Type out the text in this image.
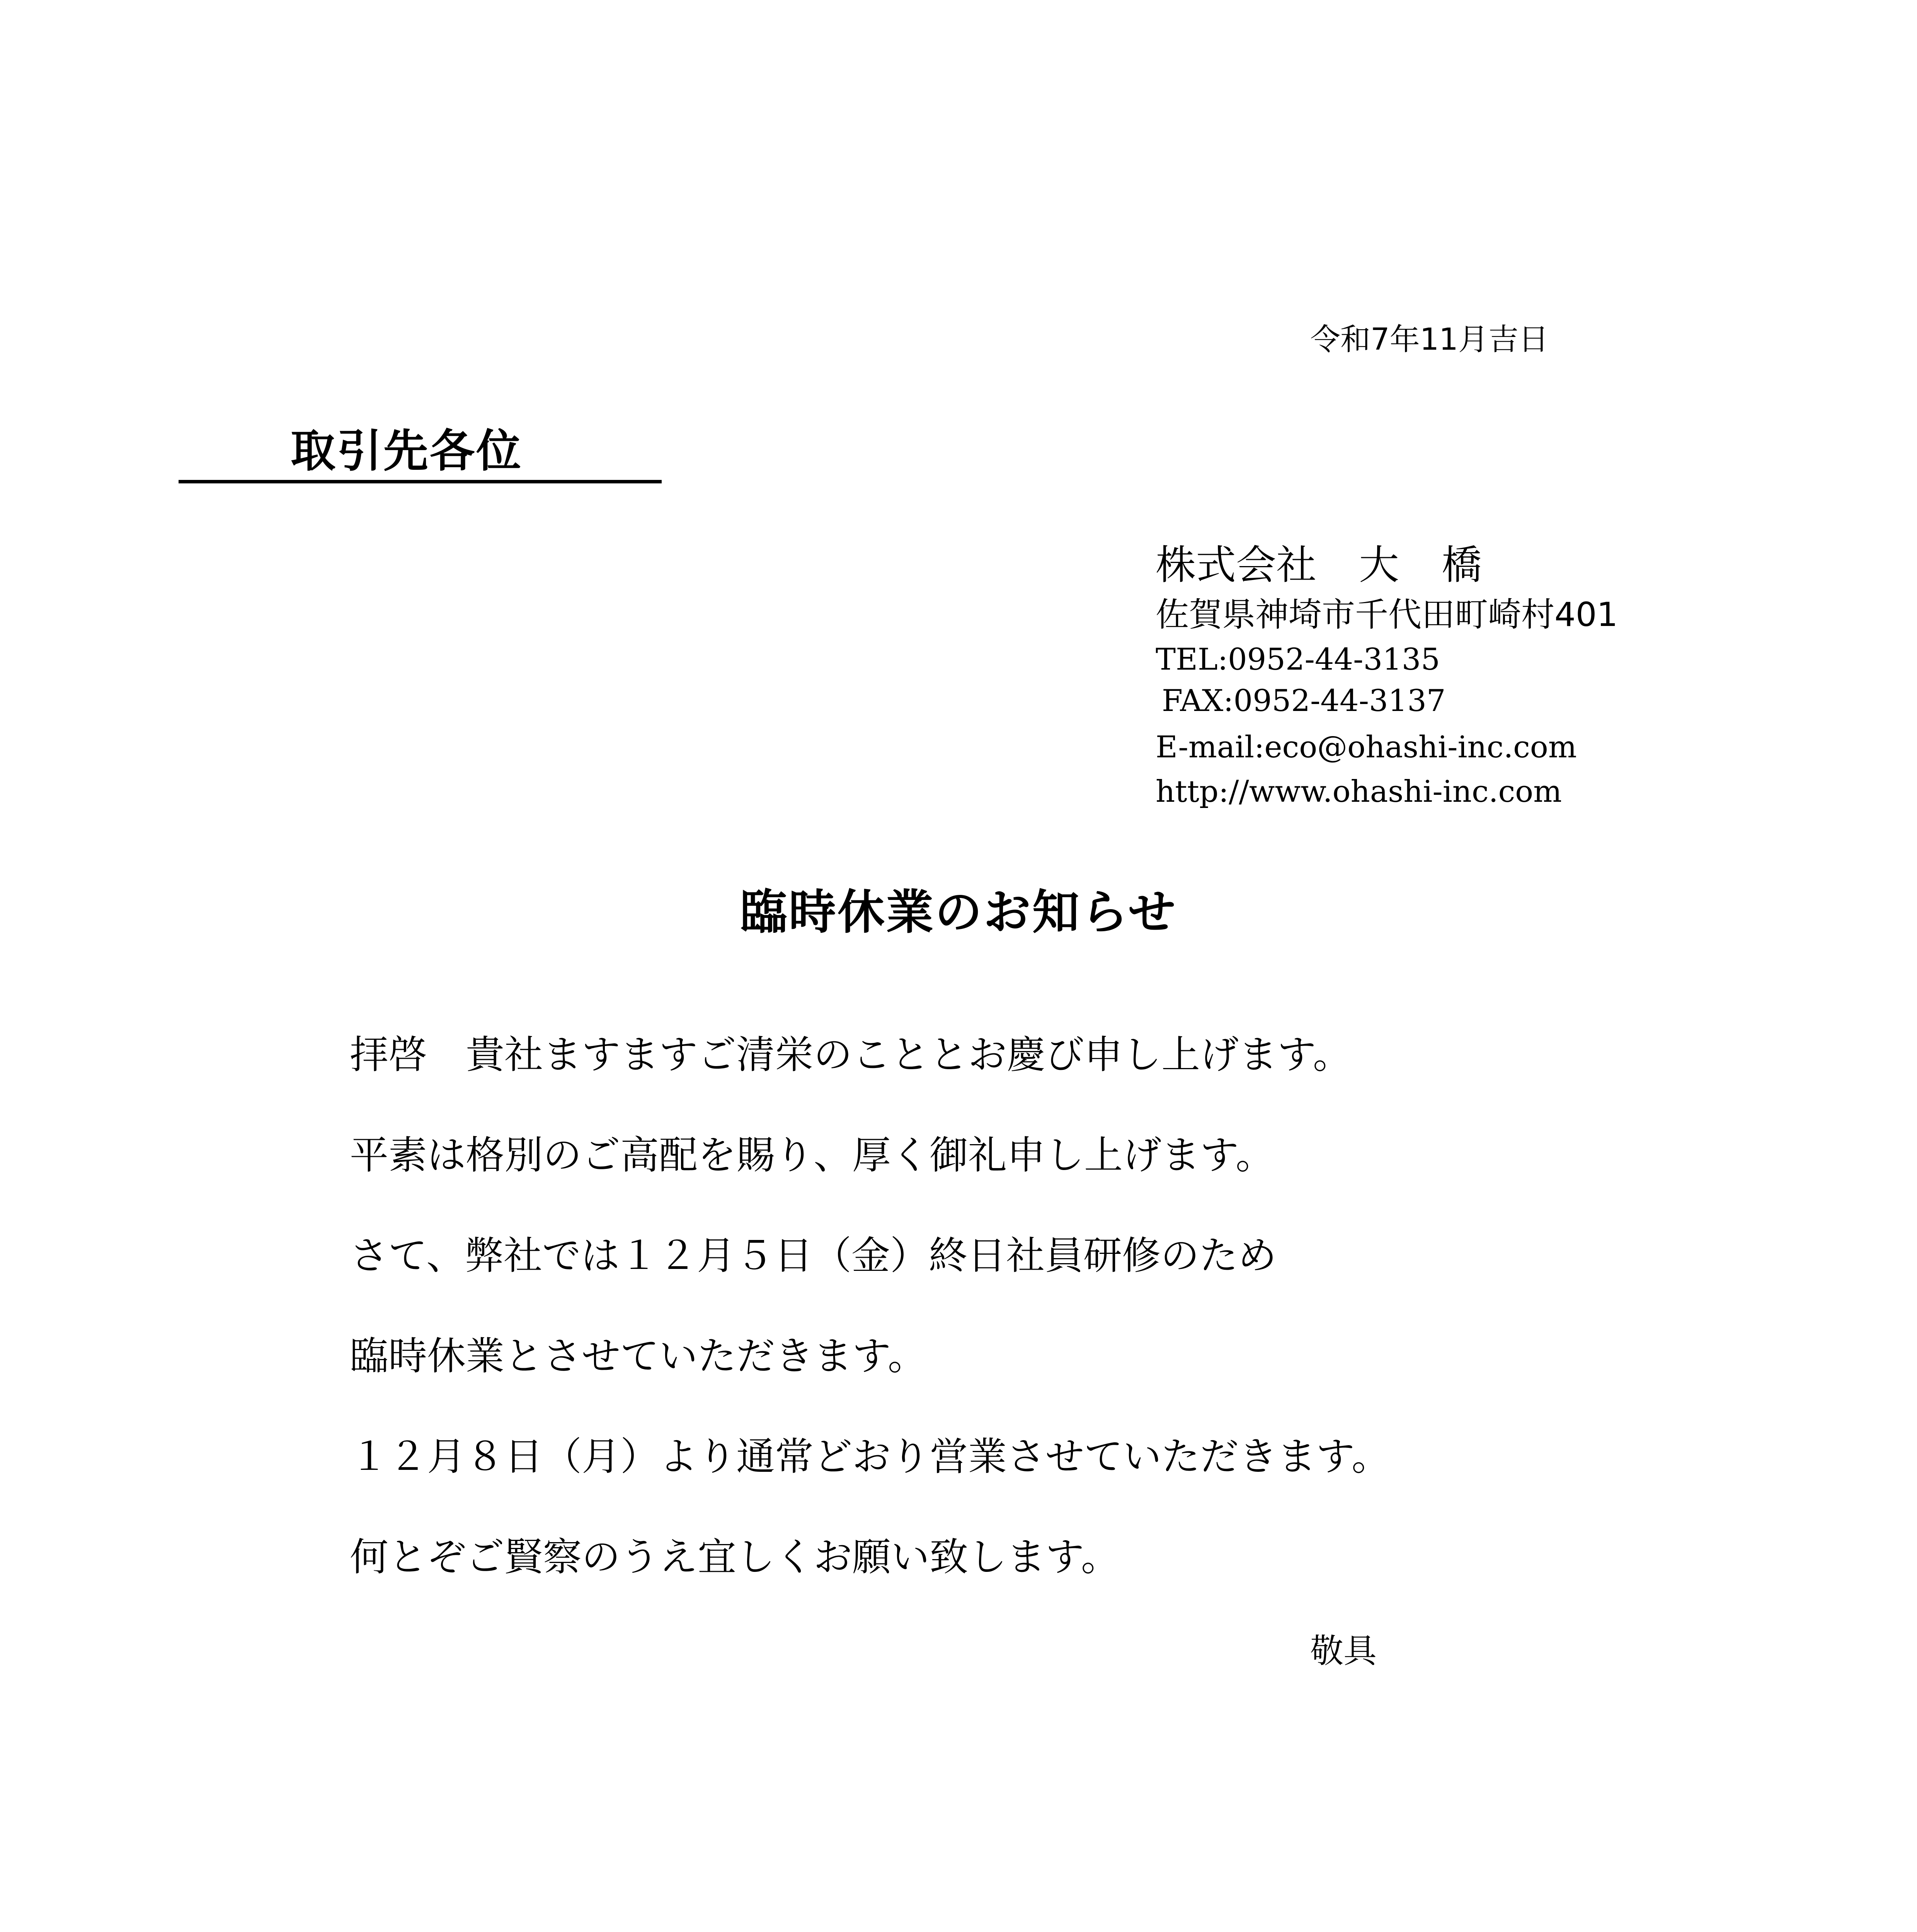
令和7年11月吉日
取引先各位
株式会社 大 橋
佐賀県神埼市千代田町崎村401
TEL:0952-44-3135
FAX:0952-44-3137
E-mail:eco@ohashi-inc.com
http://www.ohashi-inc.com
臨時休業のお知らせ
拝啓　貴社ますますご清栄のこととお慶び申し上げます。
平素は格別のご高配を賜り、厚く御礼申し上げます。
さて、弊社では１２月５日（金）終日社員研修のため
臨時休業とさせていただきます。
１２月８日（月）より通常どおり営業させていただきます。
何とぞご賢察のうえ宜しくお願い致します。
敬具
